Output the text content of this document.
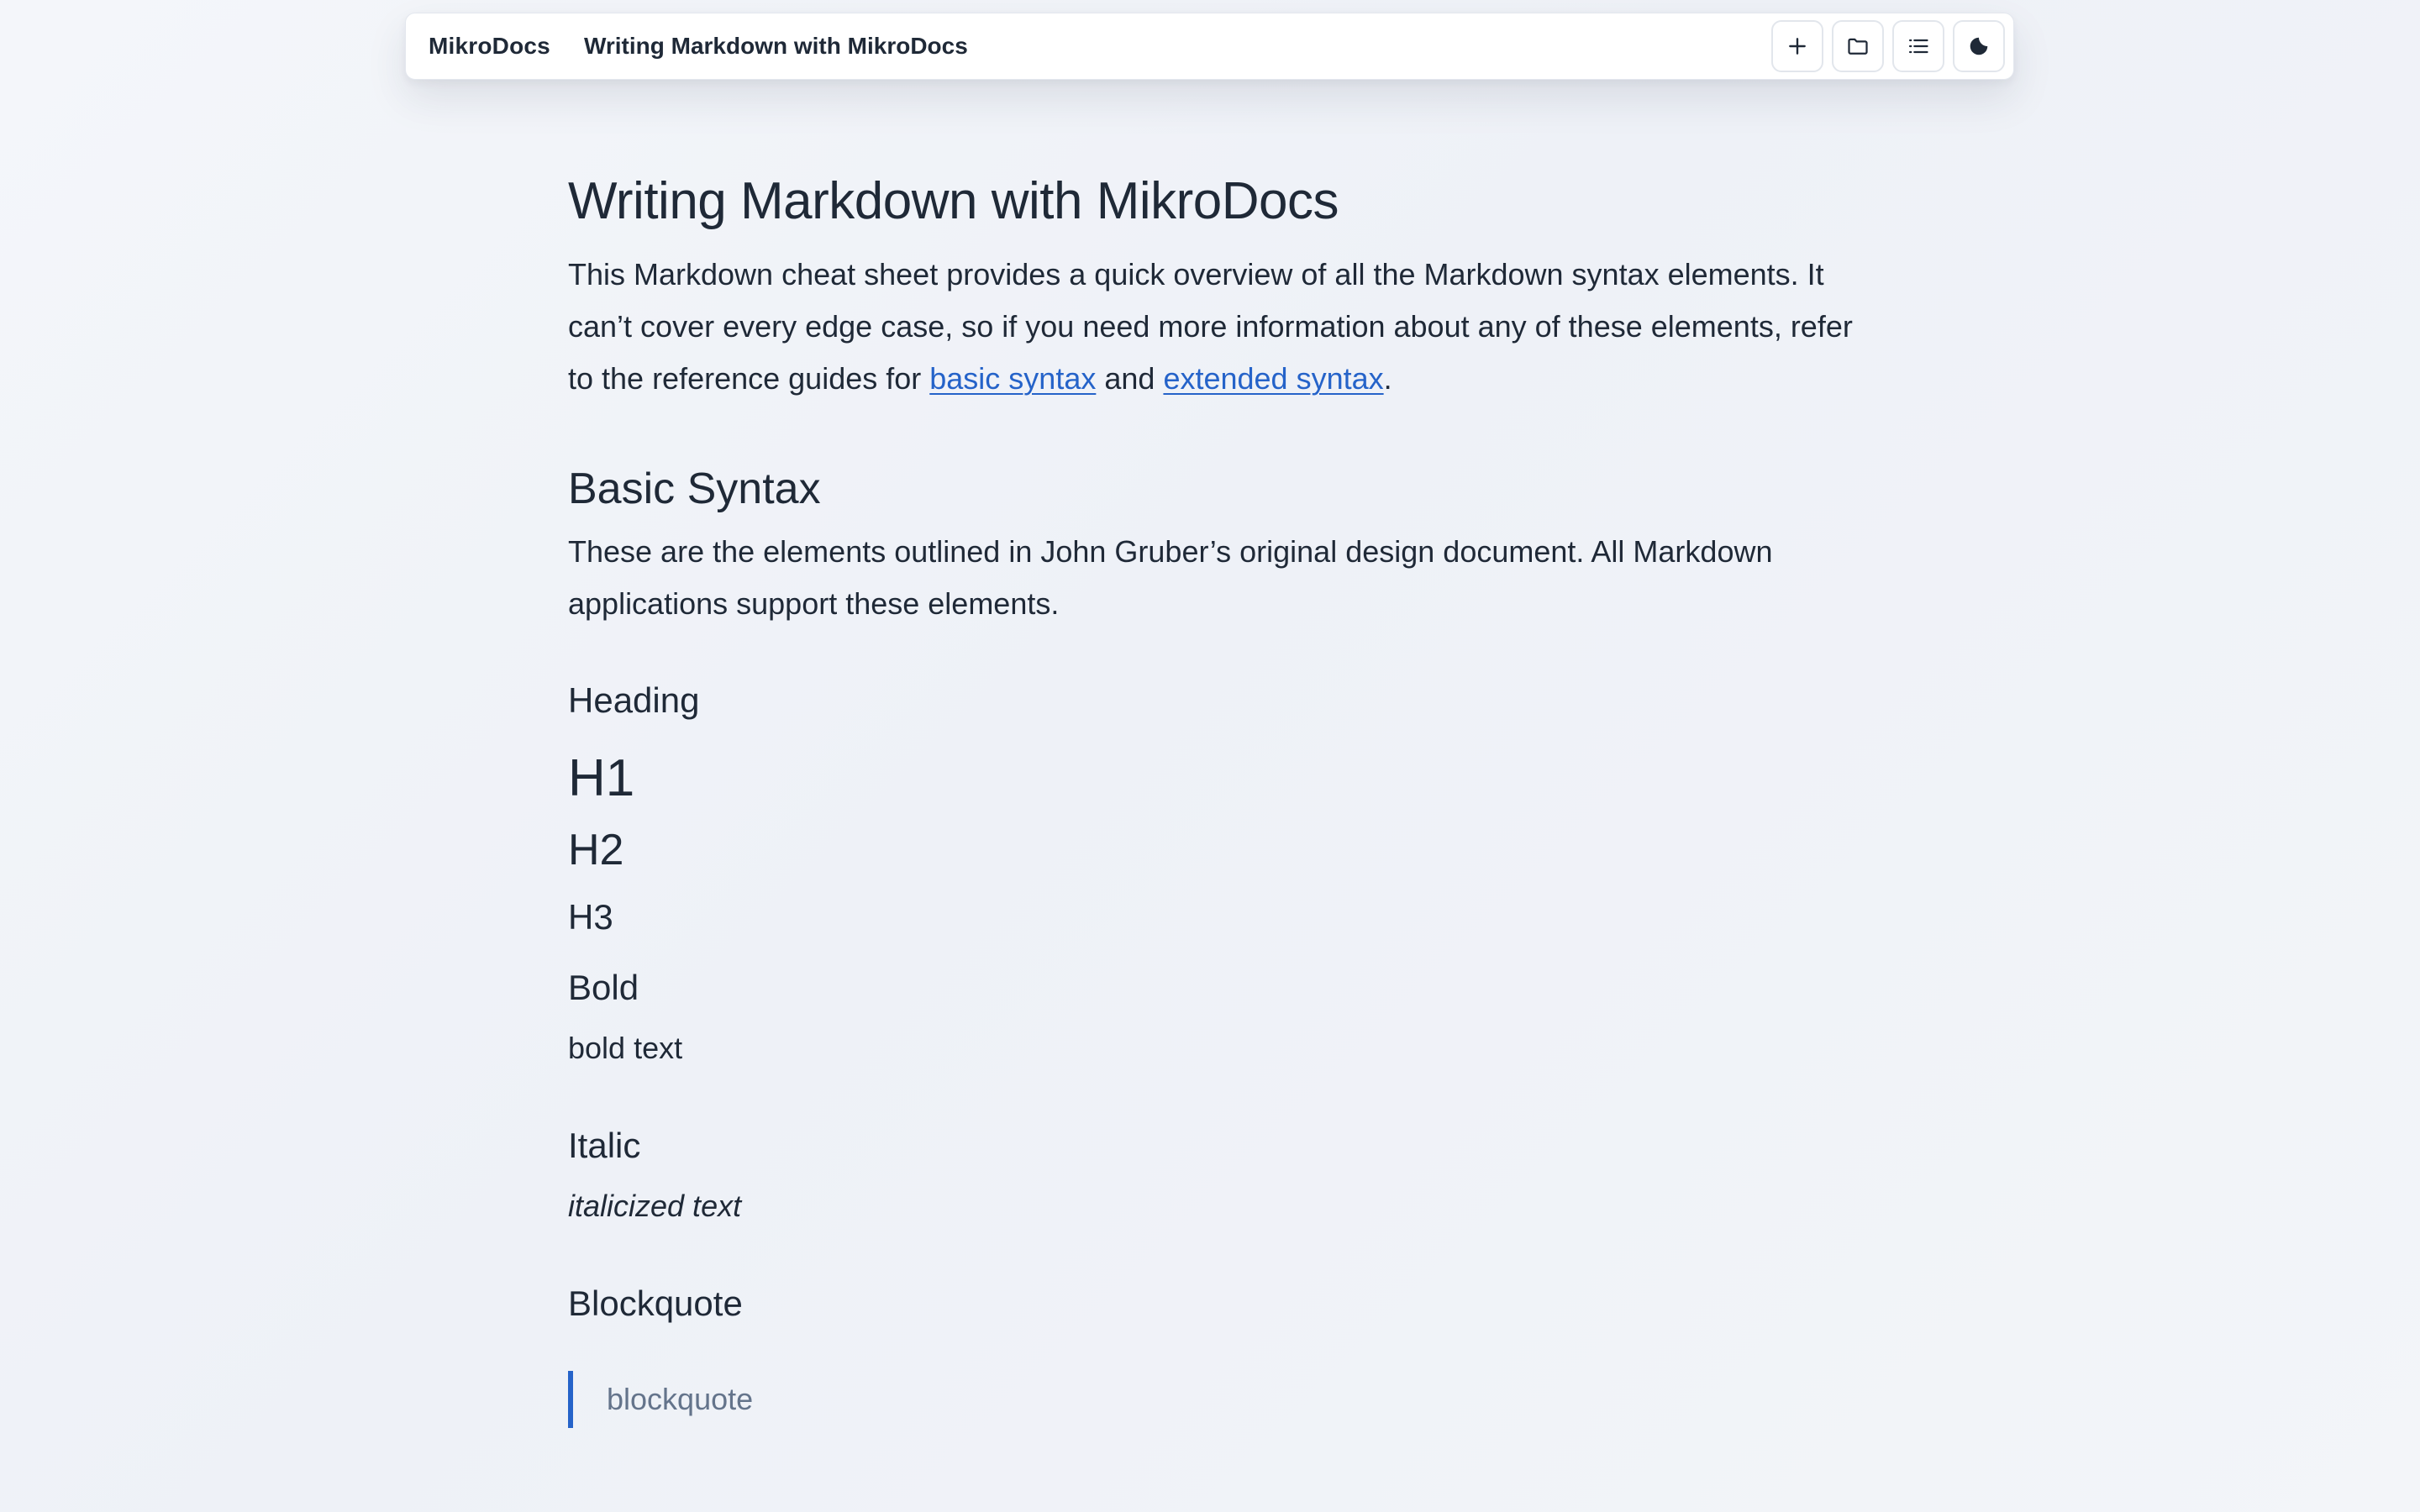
MikroDocs Writing Markdown with MikroDocs
Writing Markdown with MikroDocs

This Markdown cheat sheet provides a quick overview of all the Markdown syntax elements. It can’t cover every edge case, so if you need more information about any of these elements, refer to the reference guides for basic syntax and extended syntax.

Basic Syntax

These are the elements outlined in John Gruber’s original design document. All Markdown applications support these elements.

Heading
H1
H2
H3
Bold

bold text

Italic

italicized text

Blockquote
blockquote
